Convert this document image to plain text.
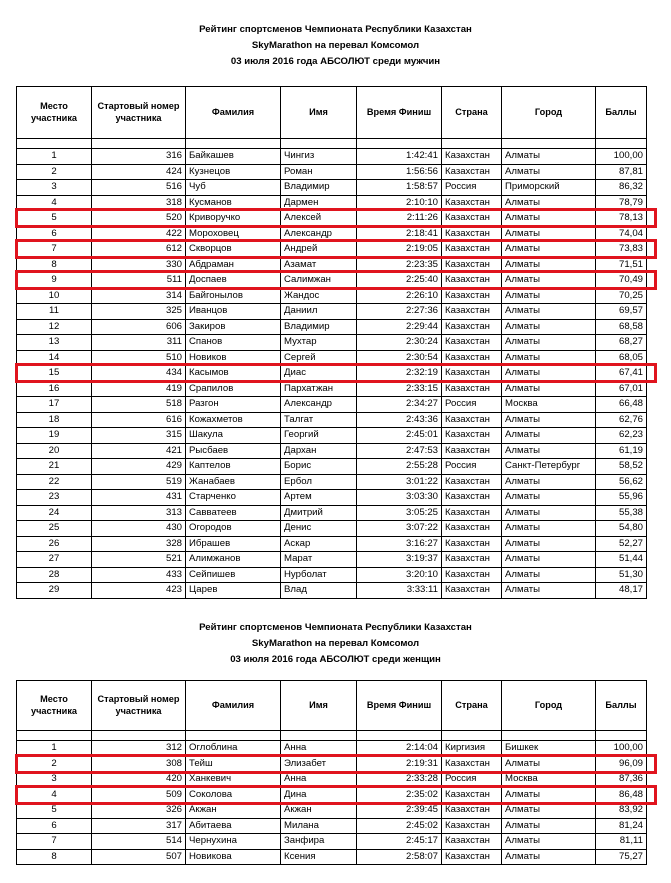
Рейтинг спортсменов Чемпионата Республики Казахстан
SkyMarathon на перевал Комсомол
03 июля 2016 года АБСОЛЮТ среди мужчин
Место участника	Стартовый номер участника	Фамилия	Имя	Время Финиш	Страна	Город	Баллы

1	316	Байкашев	Чингиз	1:42:41	Казахстан	Алматы	100,00
2	424	Кузнецов	Роман	1:56:56	Казахстан	Алматы	87,81
3	516	Чуб	Владимир	1:58:57	Россия	Приморский	86,32
4	318	Кусманов	Дармен	2:10:10	Казахстан	Алматы	78,79
5	520	Криворучко	Алексей	2:11:26	Казахстан	Алматы	78,13
6	422	Мороховец	Александр	2:18:41	Казахстан	Алматы	74,04
7	612	Скворцов	Андрей	2:19:05	Казахстан	Алматы	73,83
8	330	Абдраман	Азамат	2:23:35	Казахстан	Алматы	71,51
9	511	Доспаев	Салимжан	2:25:40	Казахстан	Алматы	70,49
10	314	Байгонылов	Жандос	2:26:10	Казахстан	Алматы	70,25
11	325	Иванцов	Даниил	2:27:36	Казахстан	Алматы	69,57
12	606	Закиров	Владимир	2:29:44	Казахстан	Алматы	68,58
13	311	Спанов	Мухтар	2:30:24	Казахстан	Алматы	68,27
14	510	Новиков	Сергей	2:30:54	Казахстан	Алматы	68,05
15	434	Касымов	Диас	2:32:19	Казахстан	Алматы	67,41
16	419	Срапилов	Пархатжан	2:33:15	Казахстан	Алматы	67,01
17	518	Разгон	Александр	2:34:27	Россия	Москва	66,48
18	616	Кожахметов	Талгат	2:43:36	Казахстан	Алматы	62,76
19	315	Шакула	Георгий	2:45:01	Казахстан	Алматы	62,23
20	421	Рысбаев	Дархан	2:47:53	Казахстан	Алматы	61,19
21	429	Каптелов	Борис	2:55:28	Россия	Санкт-Петербург	58,52
22	519	Жанабаев	Ербол	3:01:22	Казахстан	Алматы	56,62
23	431	Старченко	Артем	3:03:30	Казахстан	Алматы	55,96
24	313	Савватеев	Дмитрий	3:05:25	Казахстан	Алматы	55,38
25	430	Огородов	Денис	3:07:22	Казахстан	Алматы	54,80
26	328	Ибрашев	Аскар	3:16:27	Казахстан	Алматы	52,27
27	521	Алимжанов	Марат	3:19:37	Казахстан	Алматы	51,44
28	433	Сейпишев	Нурболат	3:20:10	Казахстан	Алматы	51,30
29	423	Царев	Влад	3:33:11	Казахстан	Алматы	48,17
Рейтинг спортсменов Чемпионата Республики Казахстан
SkyMarathon на перевал Комсомол
03 июля 2016 года АБСОЛЮТ среди женщин
Место участника	Стартовый номер участника	Фамилия	Имя	Время Финиш	Страна	Город	Баллы

1	312	Оглоблина	Анна	2:14:04	Киргизия	Бишкек	100,00
2	308	Тейш	Элизабет	2:19:31	Казахстан	Алматы	96,09
3	420	Ханкевич	Анна	2:33:28	Россия	Москва	87,36
4	509	Соколова	Дина	2:35:02	Казахстан	Алматы	86,48
5	326	Акжан	Акжан	2:39:45	Казахстан	Алматы	83,92
6	317	Абитаева	Милана	2:45:02	Казахстан	Алматы	81,24
7	514	Чернухина	Занфира	2:45:17	Казахстан	Алматы	81,11
8	507	Новикова	Ксения	2:58:07	Казахстан	Алматы	75,27
